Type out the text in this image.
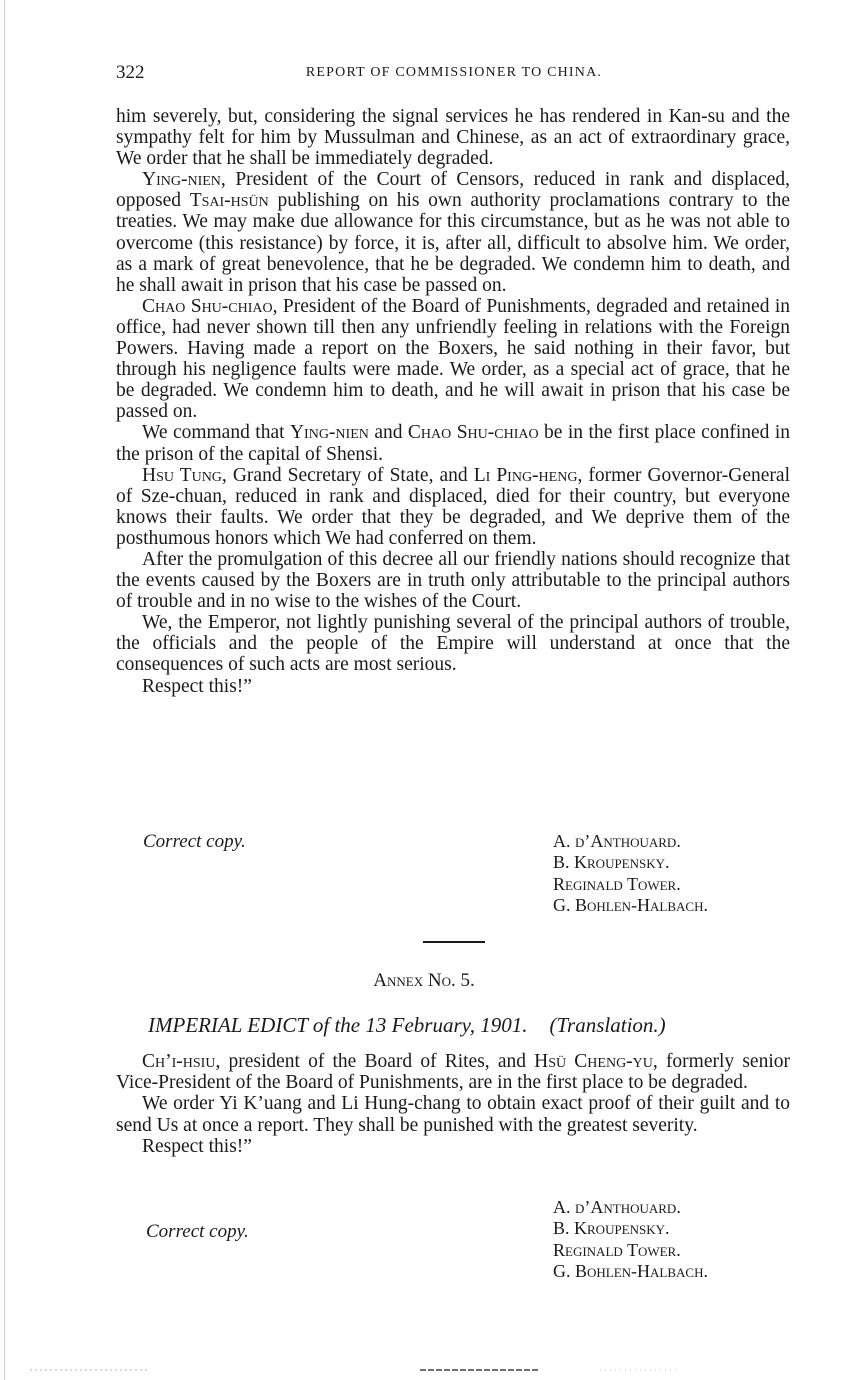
322	REPORT OF COMMISSIONER TO CHINA.

him severely, but, considering the signal services he has rendered in Kan-su and the sympathy felt for him by Mussulman and Chinese, as an act of extraordinary grace, We order that he shall be immediately degraded.

Ying-nien, President of the Court of Censors, reduced in rank and displaced, opposed Tsai-hsün publishing on his own authority proclamations contrary to the treaties. We may make due allowance for this circumstance, but as he was not able to overcome (this resistance) by force, it is, after all, difficult to absolve him. We order, as a mark of great benevolence, that he be degraded. We condemn him to death, and he shall await in prison that his case be passed on.

Chao Shu-chiao, President of the Board of Punishments, degraded and retained in office, had never shown till then any unfriendly feeling in relations with the Foreign Powers. Having made a report on the Boxers, he said nothing in their favor, but through his negligence faults were made. We order, as a special act of grace, that he be degraded. We condemn him to death, and he will await in prison that his case be passed on.

We command that Ying-nien and Chao Shu-chiao be in the first place confined in the prison of the capital of Shensi.

Hsu Tung, Grand Secretary of State, and Li Ping-heng, former Governor-General of Sze-chuan, reduced in rank and displaced, died for their country, but everyone knows their faults. We order that they be degraded, and We deprive them of the posthumous honors which We had conferred on them.

After the promulgation of this decree all our friendly nations should recognize that the events caused by the Boxers are in truth only attributable to the principal authors of trouble and in no wise to the wishes of the Court.

We, the Emperor, not lightly punishing several of the principal authors of trouble, the officials and the people of the Empire will understand at once that the consequences of such acts are most serious.

Respect this!”

Correct copy.	A. d’Anthouard.
B. Kroupensky.
Reginald Tower.
G. Bohlen-Halbach.
Annex No. 5.
IMPERIAL EDICT of the 13 February, 1901. (Translation.)

Ch’i-hsiu, president of the Board of Rites, and Hsü Cheng-yu, formerly senior Vice-President of the Board of Punishments, are in the first place to be degraded.

We order Yi K’uang and Li Hung-chang to obtain exact proof of their guilt and to send Us at once a report. They shall be punished with the greatest severity.

Respect this!”

Correct copy.
A. d’Anthouard.
B. Kroupensky.
Reginald Tower.
G. Bohlen-Halbach.
